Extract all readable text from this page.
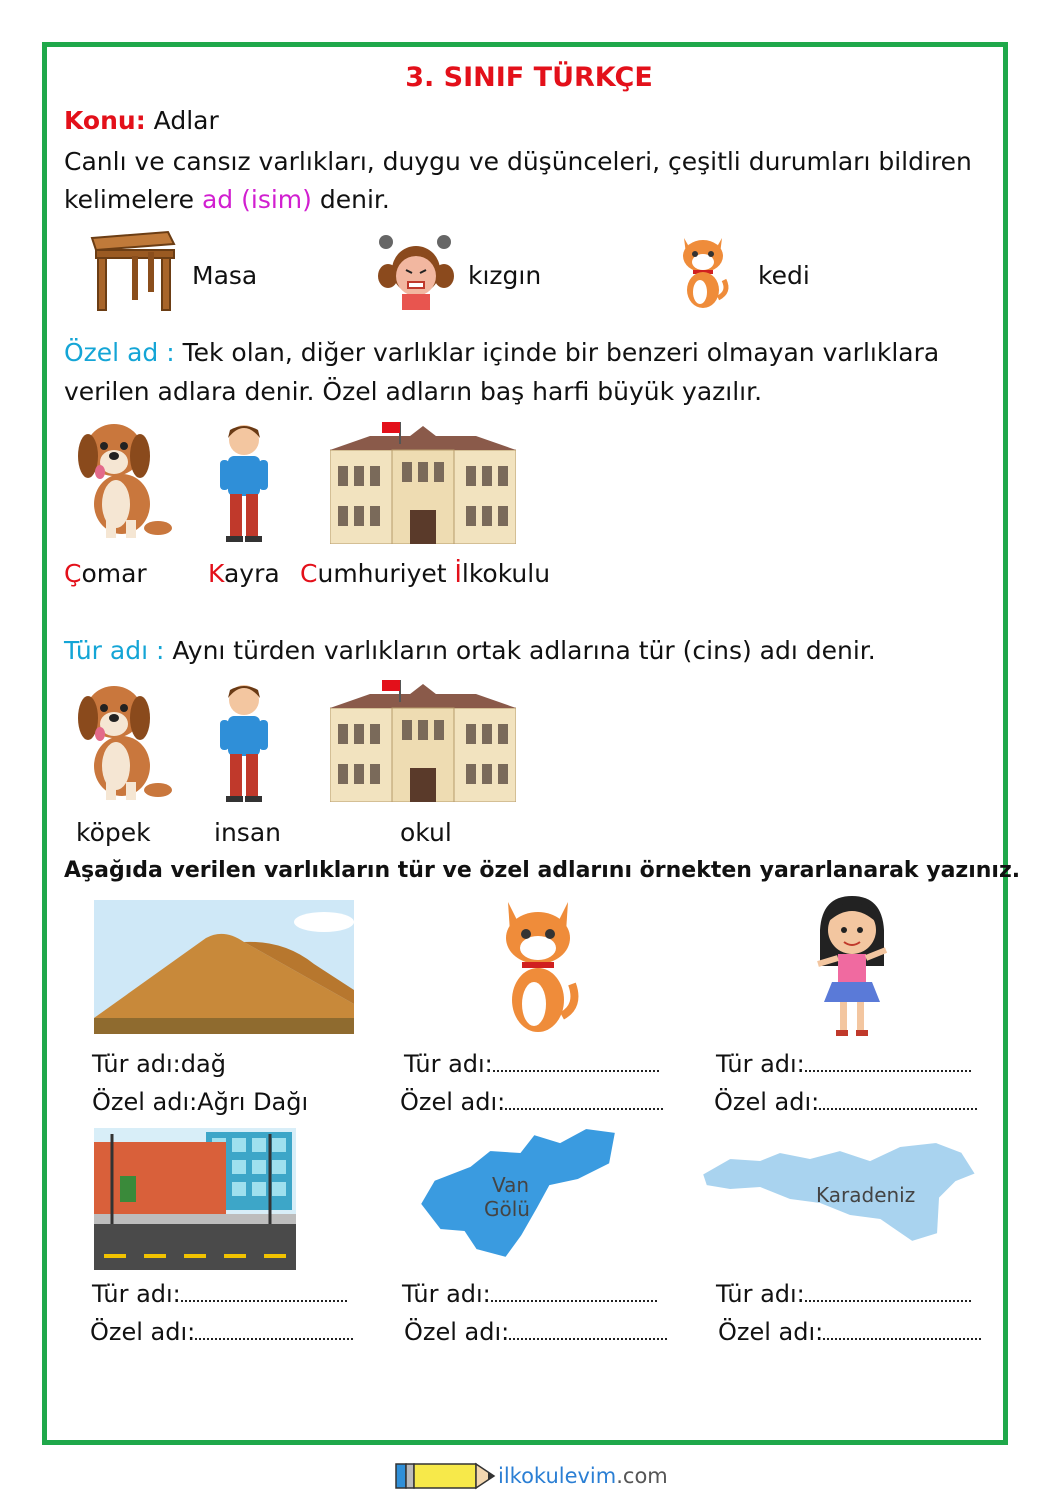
3. SINIF TÜRKÇE
Konu: Adlar
Canlı ve cansız varlıkları, duygu ve düşünceleri, çeşitli durumları bildiren
kelimelere ad (isim) denir.
Masa	kızgın	kedi
Özel ad : Tek olan, diğer varlıklar içinde bir benzeri olmayan varlıklara
verilen adlara denir. Özel adların baş harfi büyük yazılır.
Çomar Kayra Cumhuriyet İlkokulu
Tür adı : Aynı türden varlıkların ortak adlarına tür (cins) adı denir.
köpek	insan	okul
Aşağıda verilen varlıkların tür ve özel adlarını örnekten yararlanarak yazınız.
Tür adı:dağ
Özel adı:Ağrı Dağı
Tür adı:
Özel adı:
Tür adı:
Özel adı:
Van
Gölü
Karadeniz
Tür adı:
Özel adı:
Tür adı:
Özel adı:
Tür adı:
Özel adı:
ilkokulevim.com
